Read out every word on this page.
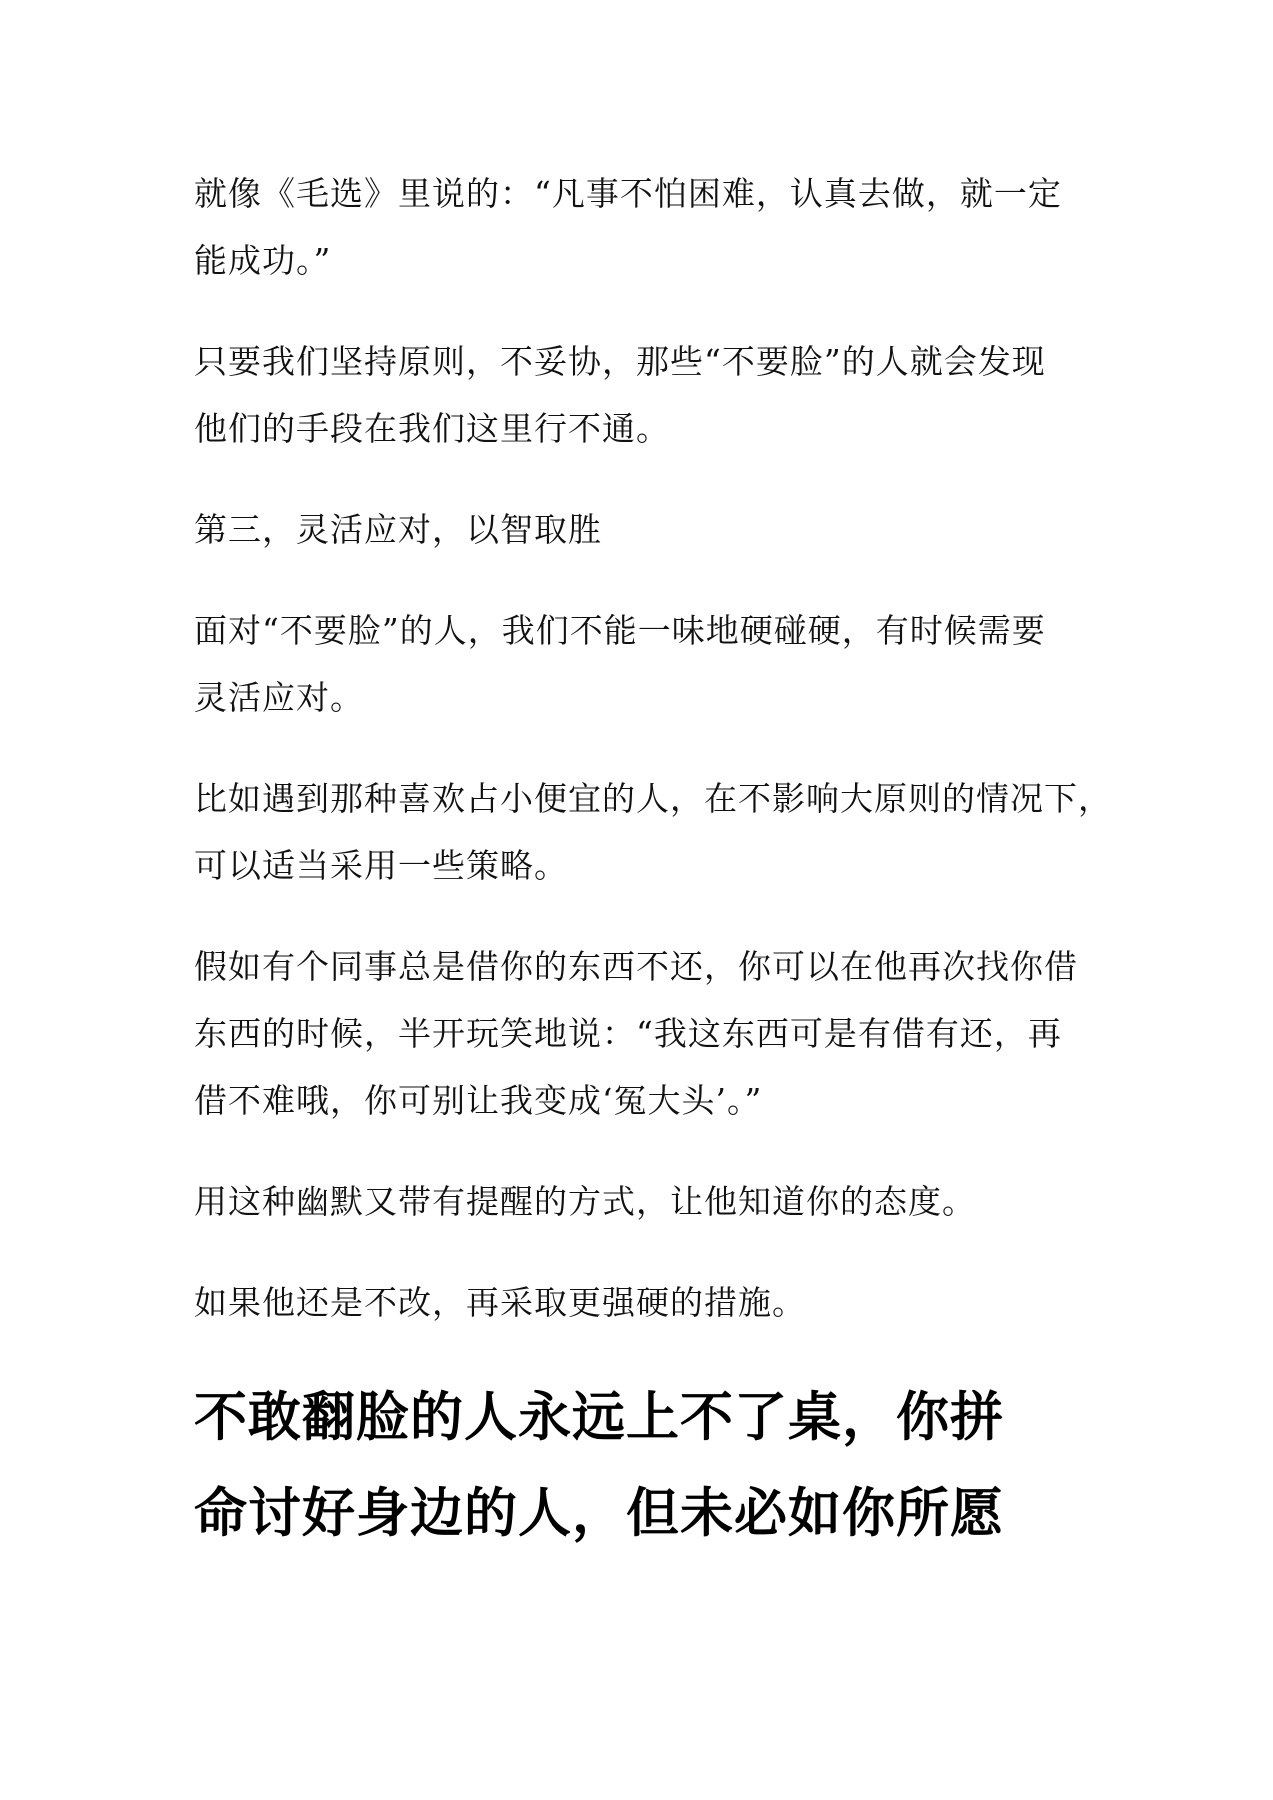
就像《毛选》里说的：“凡事不怕困难，认真去做，就一定
能成功。”

只要我们坚持原则，不妥协，那些“不要脸”的人就会发现
他们的手段在我们这里行不通。

第三，灵活应对，以智取胜

面对“不要脸”的人，我们不能一味地硬碰硬，有时候需要
灵活应对。

比如遇到那种喜欢占小便宜的人，在不影响大原则的情况下，
可以适当采用一些策略。

假如有个同事总是借你的东西不还，你可以在他再次找你借
东西的时候，半开玩笑地说：“我这东西可是有借有还，再
借不难哦，你可别让我变成‘冤大头’。”

用这种幽默又带有提醒的方式，让他知道你的态度。

如果他还是不改，再采取更强硬的措施。

不敢翻脸的人永远上不了桌，你拼
命讨好身边的人，但未必如你所愿
